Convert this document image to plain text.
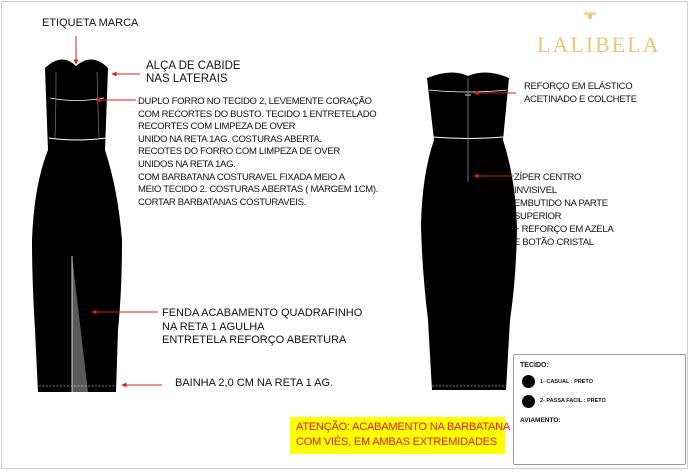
LALIBELA
ETIQUETA MARCA
ALÇA DE CABIDE
NAS LATERAIS
DUPLO FORRO NO TECIDO 2, LEVEMENTE CORAÇÃO
COM RECORTES DO BUSTO. TECIDO 1 ENTRETELADO
RECORTES COM LIMPEZA DE OVER
UNIDO NA RETA 1AG. COSTURAS ABERTA.
RECOTES DO FORRO COM LIMPEZA DE OVER
UNIDOS NA RETA 1AG.
COM BARBATANA COSTURAVEL FIXADA MEIO A
MEIO TECIDO 2. COSTURAS ABERTAS ( MARGEM 1CM).
CORTAR BARBATANAS COSTURAVEIS.
FENDA ACABAMENTO QUADRAFINHO
NA RETA 1 AGULHA
ENTRETELA REFORÇO ABERTURA
BAINHA 2,0 CM NA RETA 1 AG.
REFORÇO EM ELÁSTICO
ACETINADO E COLCHETE
ZÍPER CENTRO
INVISIVEL
EMBUTIDO NA PARTE
SUPERIOR
+ REFORÇO EM AZELA
E BOTÃO CRISTAL
ATENÇÃO: ACABAMENTO NA BARBATANA
COM VIÉS, EM AMBAS EXTREMIDADES
TECIDO:
1- CASUAL : PRETO
2- PASSA FACIL : PRETO
AVIAMENTO:
